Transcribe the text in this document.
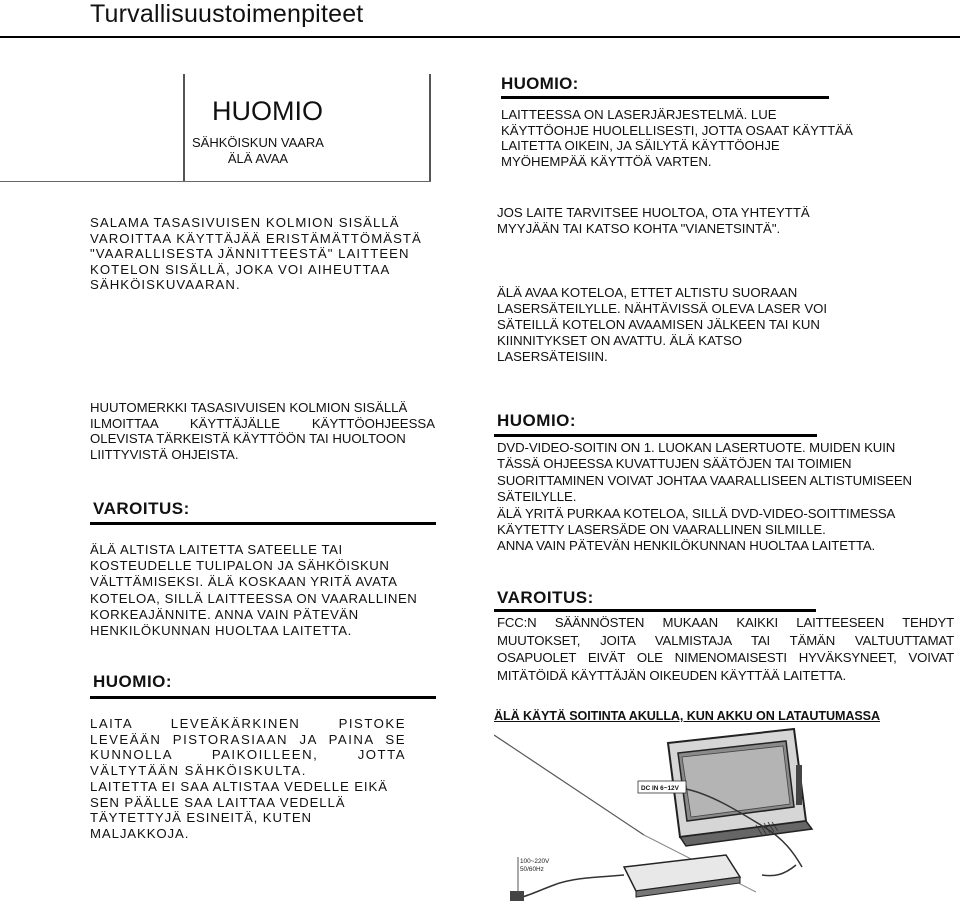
Turvallisuustoimenpiteet
HUOMIO
SÄHKÖISKUN VAARA
ÄLÄ AVAA
SALAMA TASASIVUISEN KOLMION SISÄLLÄ
VAROITTAA KÄYTTÄJÄÄ ERISTÄMÄTTÖMÄSTÄ
"VAARALLISESTA JÄNNITTEESTÄ" LAITTEEN
KOTELON SISÄLLÄ, JOKA VOI AIHEUTTAA
SÄHKÖISKUVAARAN.
HUUTOMERKKI TASASIVUISEN KOLMION SISÄLLÄ
ILMOITTAA KÄYTTÄJÄLLE KÄYTTÖOHJEESSA
OLEVISTA TÄRKEISTÄ KÄYTTÖÖN TAI HUOLTOON
LIITTYVISTÄ OHJEISTA.
VAROITUS:
ÄLÄ ALTISTA LAITETTA SATEELLE TAI
KOSTEUDELLE TULIPALON JA SÄHKÖISKUN
VÄLTTÄMISEKSI. ÄLÄ KOSKAAN YRITÄ AVATA
KOTELOA, SILLÄ LAITTEESSA ON VAARALLINEN
KORKEAJÄNNITE. ANNA VAIN PÄTEVÄN
HENKILÖKUNNAN HUOLTAA LAITETTA.
HUOMIO:
LAITA LEVEÄKÄRKINEN PISTOKE
LEVEÄÄN PISTORASIAAN JA PAINA SE
KUNNOLLA PAIKOILLEEN, JOTTA
VÄLTYTÄÄN SÄHKÖISKULTA.
LAITETTA EI SAA ALTISTAA VEDELLE EIKÄ
SEN PÄÄLLE SAA LAITTAA VEDELLÄ
TÄYTETTYJÄ ESINEITÄ, KUTEN
MALJAKKOJA.
HUOMIO:
LAITTEESSA ON LASERJÄRJESTELMÄ. LUE
KÄYTTÖOHJE HUOLELLISESTI, JOTTA OSAAT KÄYTTÄÄ
LAITETTA OIKEIN, JA SÄILYTÄ KÄYTTÖOHJE
MYÖHEMPÄÄ KÄYTTÖÄ VARTEN.
JOS LAITE TARVITSEE HUOLTOA, OTA YHTEYTTÄ
MYYJÄÄN TAI KATSO KOHTA "VIANETSINTÄ".
ÄLÄ AVAA KOTELOA, ETTET ALTISTU SUORAAN
LASERSÄTEILYLLE. NÄHTÄVISSÄ OLEVA LASER VOI
SÄTEILLÄ KOTELON AVAAMISEN JÄLKEEN TAI KUN
KIINNITYKSET ON AVATTU. ÄLÄ KATSO
LASERSÄTEISIIN.
HUOMIO:
DVD-VIDEO-SOITIN ON 1. LUOKAN LASERTUOTE. MUIDEN KUIN
TÄSSÄ OHJEESSA KUVATTUJEN SÄÄTÖJEN TAI TOIMIEN
SUORITTAMINEN VOIVAT JOHTAA VAARALLISEEN ALTISTUMISEEN
SÄTEILYLLE.
ÄLÄ YRITÄ PURKAA KOTELOA, SILLÄ DVD-VIDEO-SOITTIMESSA
KÄYTETTY LASERSÄDE ON VAARALLINEN SILMILLE.
ANNA VAIN PÄTEVÄN HENKILÖKUNNAN HUOLTAA LAITETTA.
VAROITUS:
FCC:N SÄÄNNÖSTEN MUKAAN KAIKKI LAITTEESEEN TEHDYT
MUUTOKSET, JOITA VALMISTAJA TAI TÄMÄN VALTUUTTAMAT
OSAPUOLET EIVÄT OLE NIMENOMAISESTI HYVÄKSYNEET, VOIVAT
MITÄTÖIDÄ KÄYTTÄJÄN OIKEUDEN KÄYTTÄÄ LAITETTA.
ÄLÄ KÄYTÄ SOITINTA AKULLA, KUN AKKU ON LATAUTUMASSA
DC IN 6~12V
100~220V
50/60Hz
